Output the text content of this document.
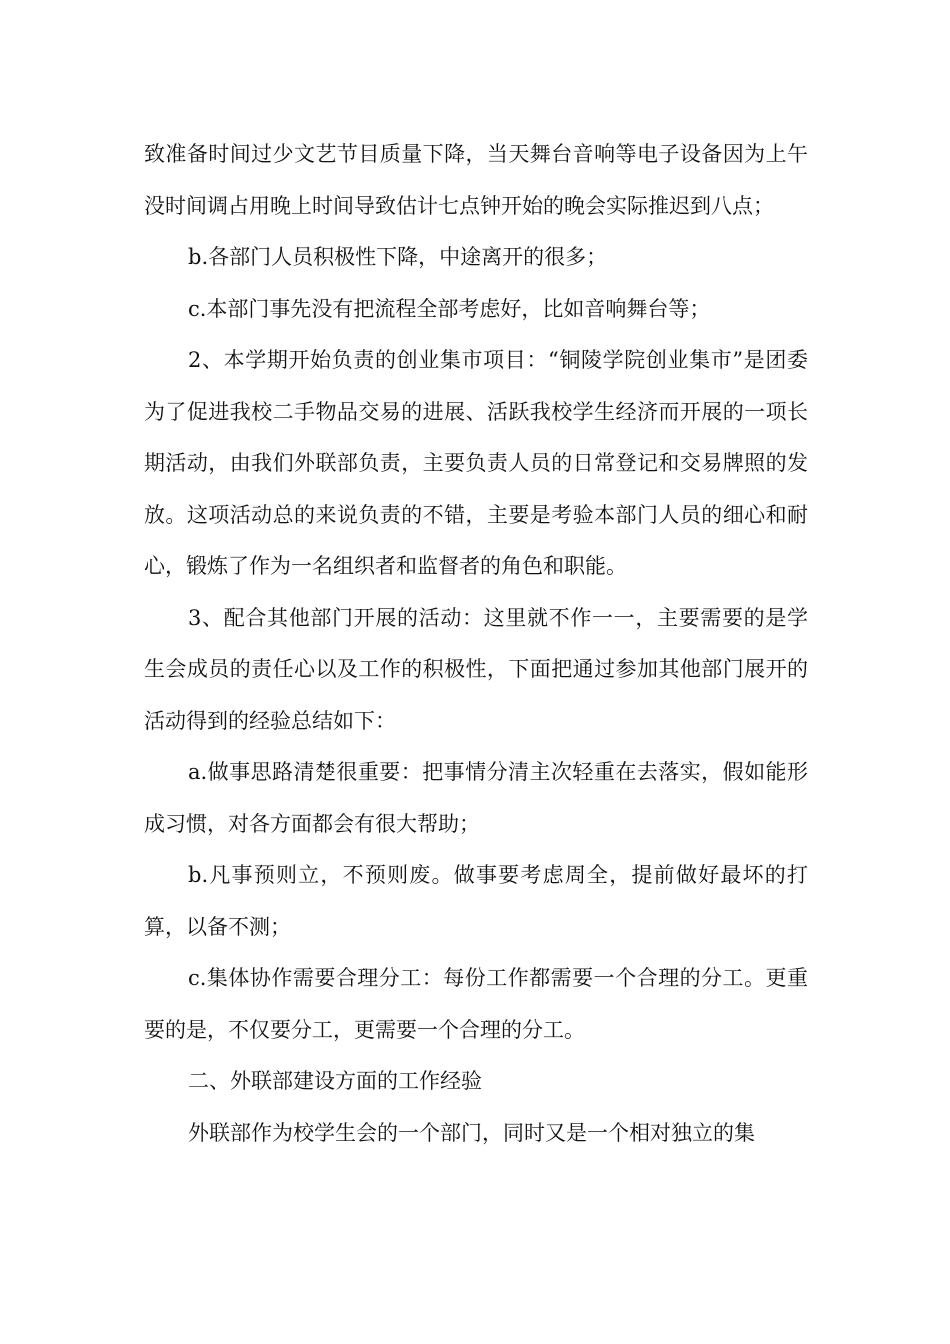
致准备时间过少文艺节目质量下降，当天舞台音响等电子设备因为上午没时间调占用晚上时间导致估计七点钟开始的晚会实际推迟到八点；

b.各部门人员积极性下降，中途离开的很多；

c.本部门事先没有把流程全部考虑好，比如音响舞台等；

2、本学期开始负责的创业集市项目：“铜陵学院创业集市”是团委为了促进我校二手物品交易的进展、活跃我校学生经济而开展的一项长期活动，由我们外联部负责，主要负责人员的日常登记和交易牌照的发放。这项活动总的来说负责的不错，主要是考验本部门人员的细心和耐心，锻炼了作为一名组织者和监督者的角色和职能。

3、配合其他部门开展的活动：这里就不作一一，主要需要的是学生会成员的责任心以及工作的积极性，下面把通过参加其他部门展开的活动得到的经验总结如下：

a.做事思路清楚很重要：把事情分清主次轻重在去落实，假如能形成习惯，对各方面都会有很大帮助；

b.凡事预则立，不预则废。做事要考虑周全，提前做好最坏的打算，以备不测；

c.集体协作需要合理分工：每份工作都需要一个合理的分工。更重要的是，不仅要分工，更需要一个合理的分工。

二、外联部建设方面的工作经验

外联部作为校学生会的一个部门，同时又是一个相对独立的集
